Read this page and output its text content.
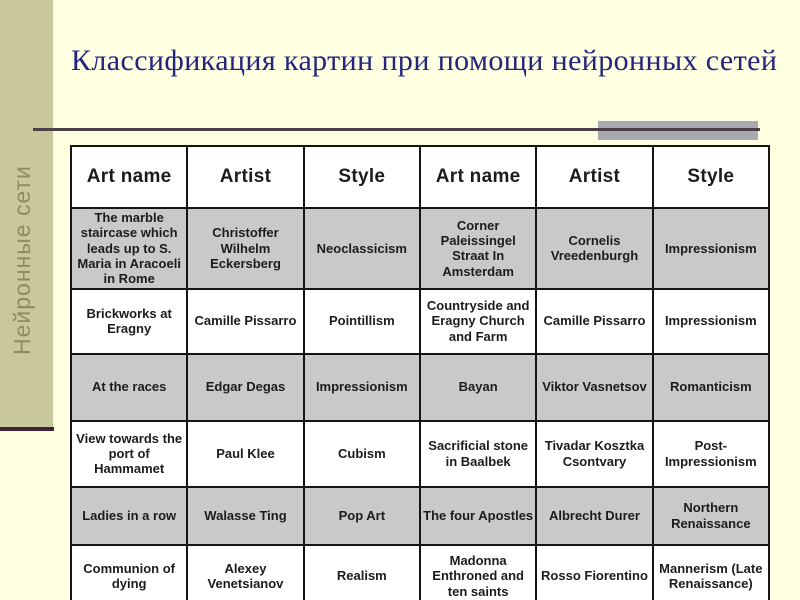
Нейронные сети
Классификация картин при помощи нейронных сетей
Art name	Artist	Style	Art name	Artist	Style
The marble staircase which leads up to S. Maria in Aracoeli in Rome	Christoffer Wilhelm Eckersberg	Neoclassicism	Corner Paleissingel Straat In Amsterdam	Cornelis Vreedenburgh	Impressionism
Brickworks at Eragny	Camille Pissarro	Pointillism	Countryside and Eragny Church and Farm	Camille Pissarro	Impressionism
At the races	Edgar Degas	Impressionism	Bayan	Viktor Vasnetsov	Romanticism
View towards the port of Hammamet	Paul Klee	Cubism	Sacrificial stone in Baalbek	Tivadar Kosztka Csontvary	Post-Impressionism
Ladies in a row	Walasse Ting	Pop Art	The four Apostles	Albrecht Durer	Northern Renaissance
Communion of dying	Alexey Venetsianov	Realism	Madonna Enthroned and ten saints	Rosso Fiorentino	Mannerism (Late Renaissance)
